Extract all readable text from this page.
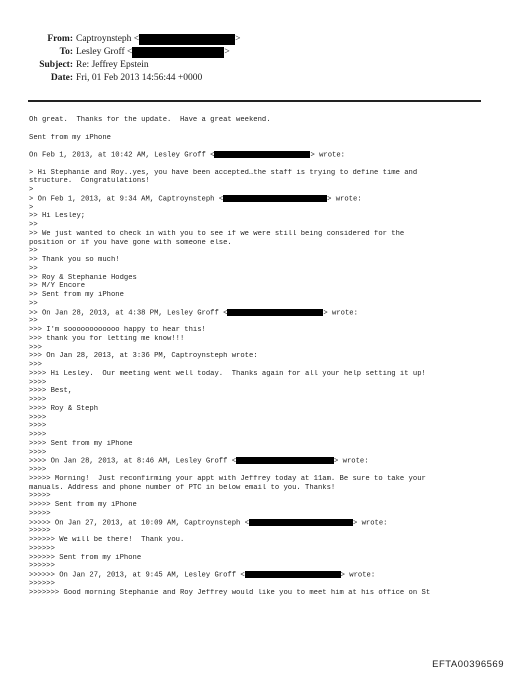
From: Captroynsteph <	>
To: Lesley Groff <	>
Subject: Re: Jeffrey Epstein
Date: Fri, 01 Feb 2013 14:56:44 +0000
Oh great.  Thanks for the update.  Have a great weekend.
Sent from my iPhone
On Feb 1, 2013, at 10:42 AM, Lesley Groff <	> wrote:
> Hi Stephanie and Roy..yes, you have been accepted…the staff is trying to define time and
structure.  Congratulations!
>
> On Feb 1, 2013, at 9:34 AM, Captroynsteph <	> wrote:
>
>> Hi Lesley;
>>
>> We just wanted to check in with you to see if we were still being considered for the
position or if you have gone with someone else.
>>
>> Thank you so much!
>>
>> Roy & Stephanie Hodges
>> M/Y Encore
>> Sent from my iPhone
>>
>> On Jan 28, 2013, at 4:38 PM, Lesley Groff <	> wrote:
>>
>>> I'm soooooooooooo happy to hear this!
>>> thank you for letting me know!!!
>>>
>>> On Jan 28, 2013, at 3:36 PM, Captroynsteph wrote:
>>>
>>>> Hi Lesley.  Our meeting went well today.  Thanks again for all your help setting it up!
>>>>
>>>> Best,
>>>>
>>>> Roy & Steph
>>>>
>>>>
>>>>
>>>> Sent from my iPhone
>>>>
>>>> On Jan 28, 2013, at 8:46 AM, Lesley Groff <	> wrote:
>>>>
>>>>> Morning!  Just reconfirming your appt with Jeffrey today at 11am. Be sure to take your
manuals. Address and phone number of PTC in below email to you. Thanks!
>>>>>
>>>>> Sent from my iPhone
>>>>>
>>>>> On Jan 27, 2013, at 10:09 AM, Captroynsteph <	> wrote:
>>>>>
>>>>>> We will be there!  Thank you.
>>>>>>
>>>>>> Sent from my iPhone
>>>>>>
>>>>>> On Jan 27, 2013, at 9:45 AM, Lesley Groff <	> wrote:
>>>>>>
>>>>>>> Good morning Stephanie and Roy Jeffrey would like you to meet him at his office on St
EFTA00396569
